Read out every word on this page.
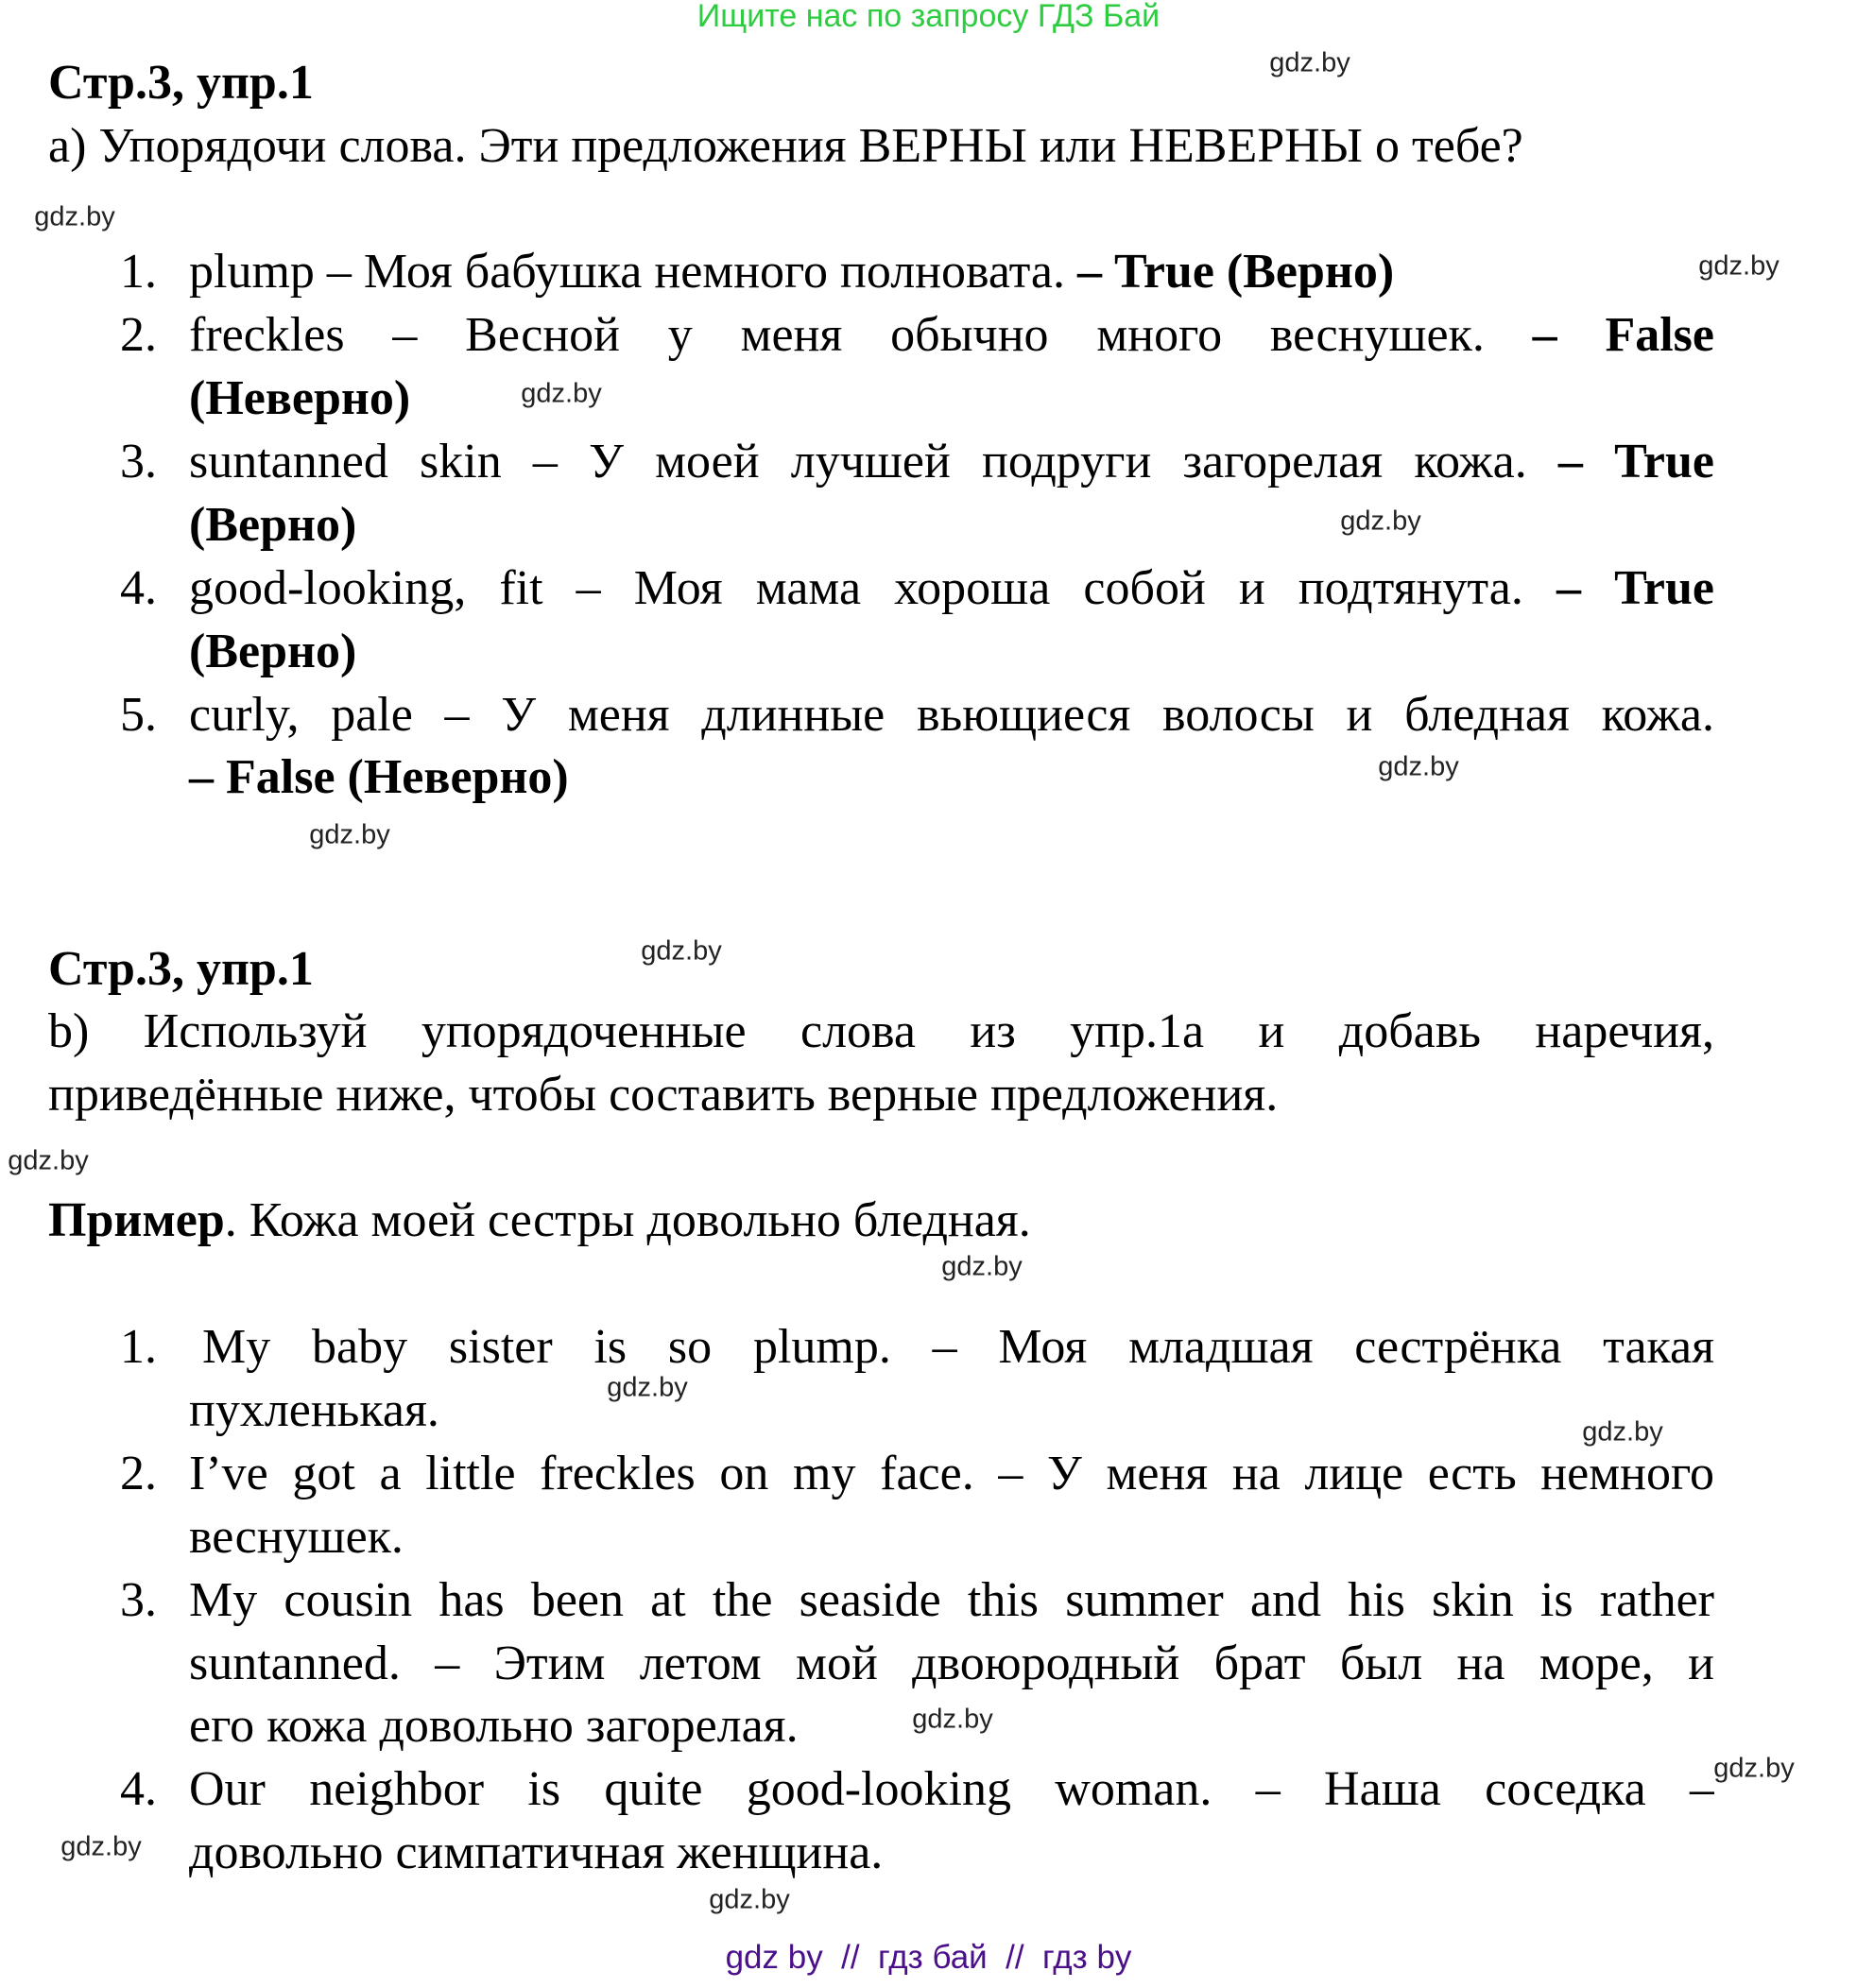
Ищите нас по запросу ГДЗ Бай
Стр.3, упр.1
a) Упорядочи слова. Эти предложения ВЕРНЫ или НЕВЕРНЫ о тебе?
1. plump – Моя бабушка немного полновата. – True (Верно)
2. freckles – Весной у меня обычно много веснушек. – False
(Неверно)
3. suntanned skin – У моей лучшей подруги загорелая кожа. – True
(Верно)
4. good-looking, fit – Моя мама хороша собой и подтянута. – True
(Верно)
5. curly, pale – У меня длинные вьющиеся волосы и бледная кожа.
– False (Неверно)
Стр.3, упр.1
b) Используй упорядоченные слова из упр.1a и добавь наречия,
приведённые ниже, чтобы составить верные предложения.
Пример. Кожа моей сестры довольно бледная.
1. My baby sister is so plump. – Моя младшая сестрёнка такая
пухленькая.
2. I’ve got a little freckles on my face. – У меня на лице есть немного
веснушек.
3. My cousin has been at the seaside this summer and his skin is rather
suntanned. – Этим летом мой двоюродный брат был на море, и
его кожа довольно загорелая.
4. Our neighbor is quite good-looking woman. – Наша соседка –
довольно симпатичная женщина.
gdz.by
gdz.by
gdz.by
gdz.by
gdz.by
gdz.by
gdz.by
gdz.by
gdz.by
gdz.by
gdz.by
gdz.by
gdz.by
gdz.by
gdz.by
gdz.by
gdz by  //  гдз бай  //  гдз by
